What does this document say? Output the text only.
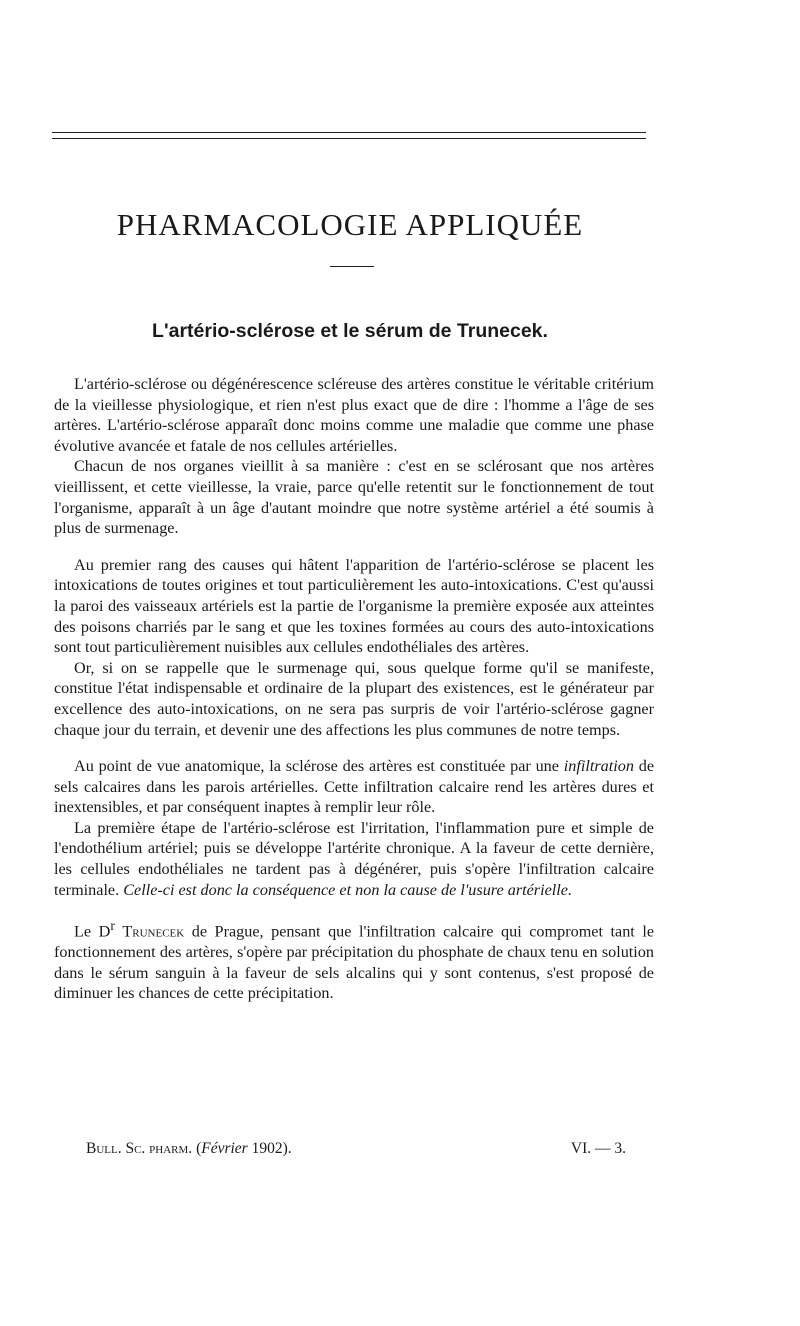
PHARMACOLOGIE APPLIQUÉE
L'artério-sclérose et le sérum de Trunecek.

L'artério-sclérose ou dégénérescence scléreuse des artères constitue le véritable critérium de la vieillesse physiologique, et rien n'est plus exact que de dire : l'homme a l'âge de ses artères. L'artério-sclérose apparaît donc moins comme une maladie que comme une phase évolutive avancée et fatale de nos cellules artérielles.

Chacun de nos organes vieillit à sa manière : c'est en se sclérosant que nos artères vieillissent, et cette vieillesse, la vraie, parce qu'elle retentit sur le fonctionnement de tout l'organisme, apparaît à un âge d'autant moindre que notre système artériel a été soumis à plus de surmenage.

Au premier rang des causes qui hâtent l'apparition de l'artério-sclérose se placent les intoxications de toutes origines et tout particulièrement les auto-intoxications. C'est qu'aussi la paroi des vaisseaux artériels est la partie de l'organisme la première exposée aux atteintes des poisons charriés par le sang et que les toxines formées au cours des auto-intoxications sont tout particulièrement nuisibles aux cellules endothéliales des artères.

Or, si on se rappelle que le surmenage qui, sous quelque forme qu'il se manifeste, constitue l'état indispensable et ordinaire de la plupart des existences, est le générateur par excellence des auto-intoxications, on ne sera pas surpris de voir l'artério-sclérose gagner chaque jour du terrain, et devenir une des affections les plus communes de notre temps.

Au point de vue anatomique, la sclérose des artères est constituée par une infiltration de sels calcaires dans les parois artérielles. Cette infiltration calcaire rend les artères dures et inextensibles, et par conséquent inaptes à remplir leur rôle.

La première étape de l'artério-sclérose est l'irritation, l'inflammation pure et simple de l'endothélium artériel; puis se développe l'artérite chronique. A la faveur de cette dernière, les cellules endothéliales ne tardent pas à dégénérer, puis s'opère l'infiltration calcaire terminale. Celle-ci est donc la conséquence et non la cause de l'usure artérielle.

Le $D^r$ Trunecek de Prague, pensant que l'infiltration calcaire qui compromet tant le fonctionnement des artères, s'opère par précipitation du phosphate de chaux tenu en solution dans le sérum sanguin à la faveur de sels alcalins qui y sont contenus, s'est proposé de diminuer les chances de cette précipitation.

Bull. Sc. pharm. (Février 1902).	VI. — 3.
